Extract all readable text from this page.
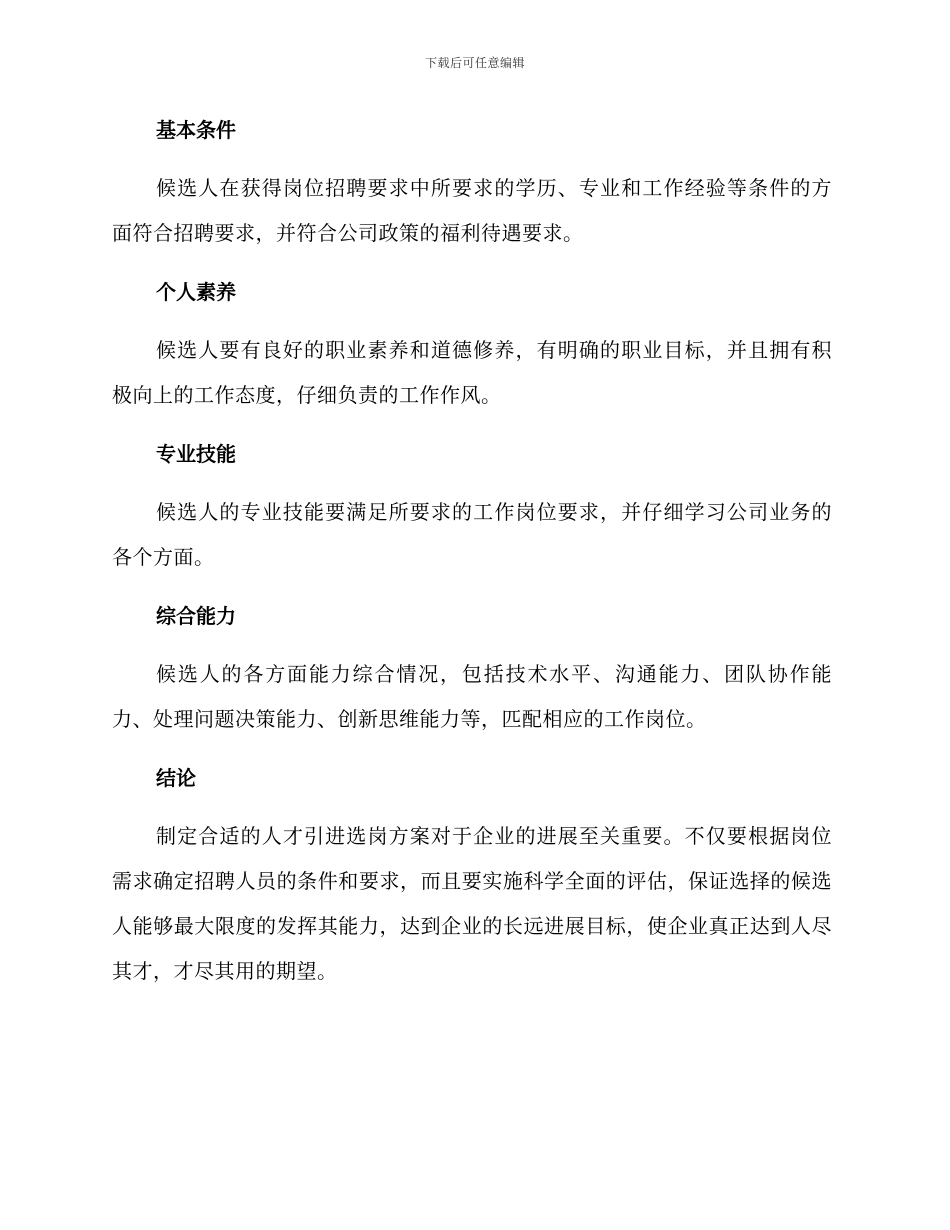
下载后可任意编辑
基本条件

候选人在获得岗位招聘要求中所要求的学历、专业和工作经验等条件的方面符合招聘要求，并符合公司政策的福利待遇要求。

个人素养

候选人要有良好的职业素养和道德修养，有明确的职业目标，并且拥有积极向上的工作态度，仔细负责的工作作风。

专业技能

候选人的专业技能要满足所要求的工作岗位要求，并仔细学习公司业务的各个方面。

综合能力

候选人的各方面能力综合情况，包括技术水平、沟通能力、团队协作能力、处理问题决策能力、创新思维能力等，匹配相应的工作岗位。

结论

制定合适的人才引进选岗方案对于企业的进展至关重要。不仅要根据岗位需求确定招聘人员的条件和要求，而且要实施科学全面的评估，保证选择的候选人能够最大限度的发挥其能力，达到企业的长远进展目标，使企业真正达到人尽其才，才尽其用的期望。
